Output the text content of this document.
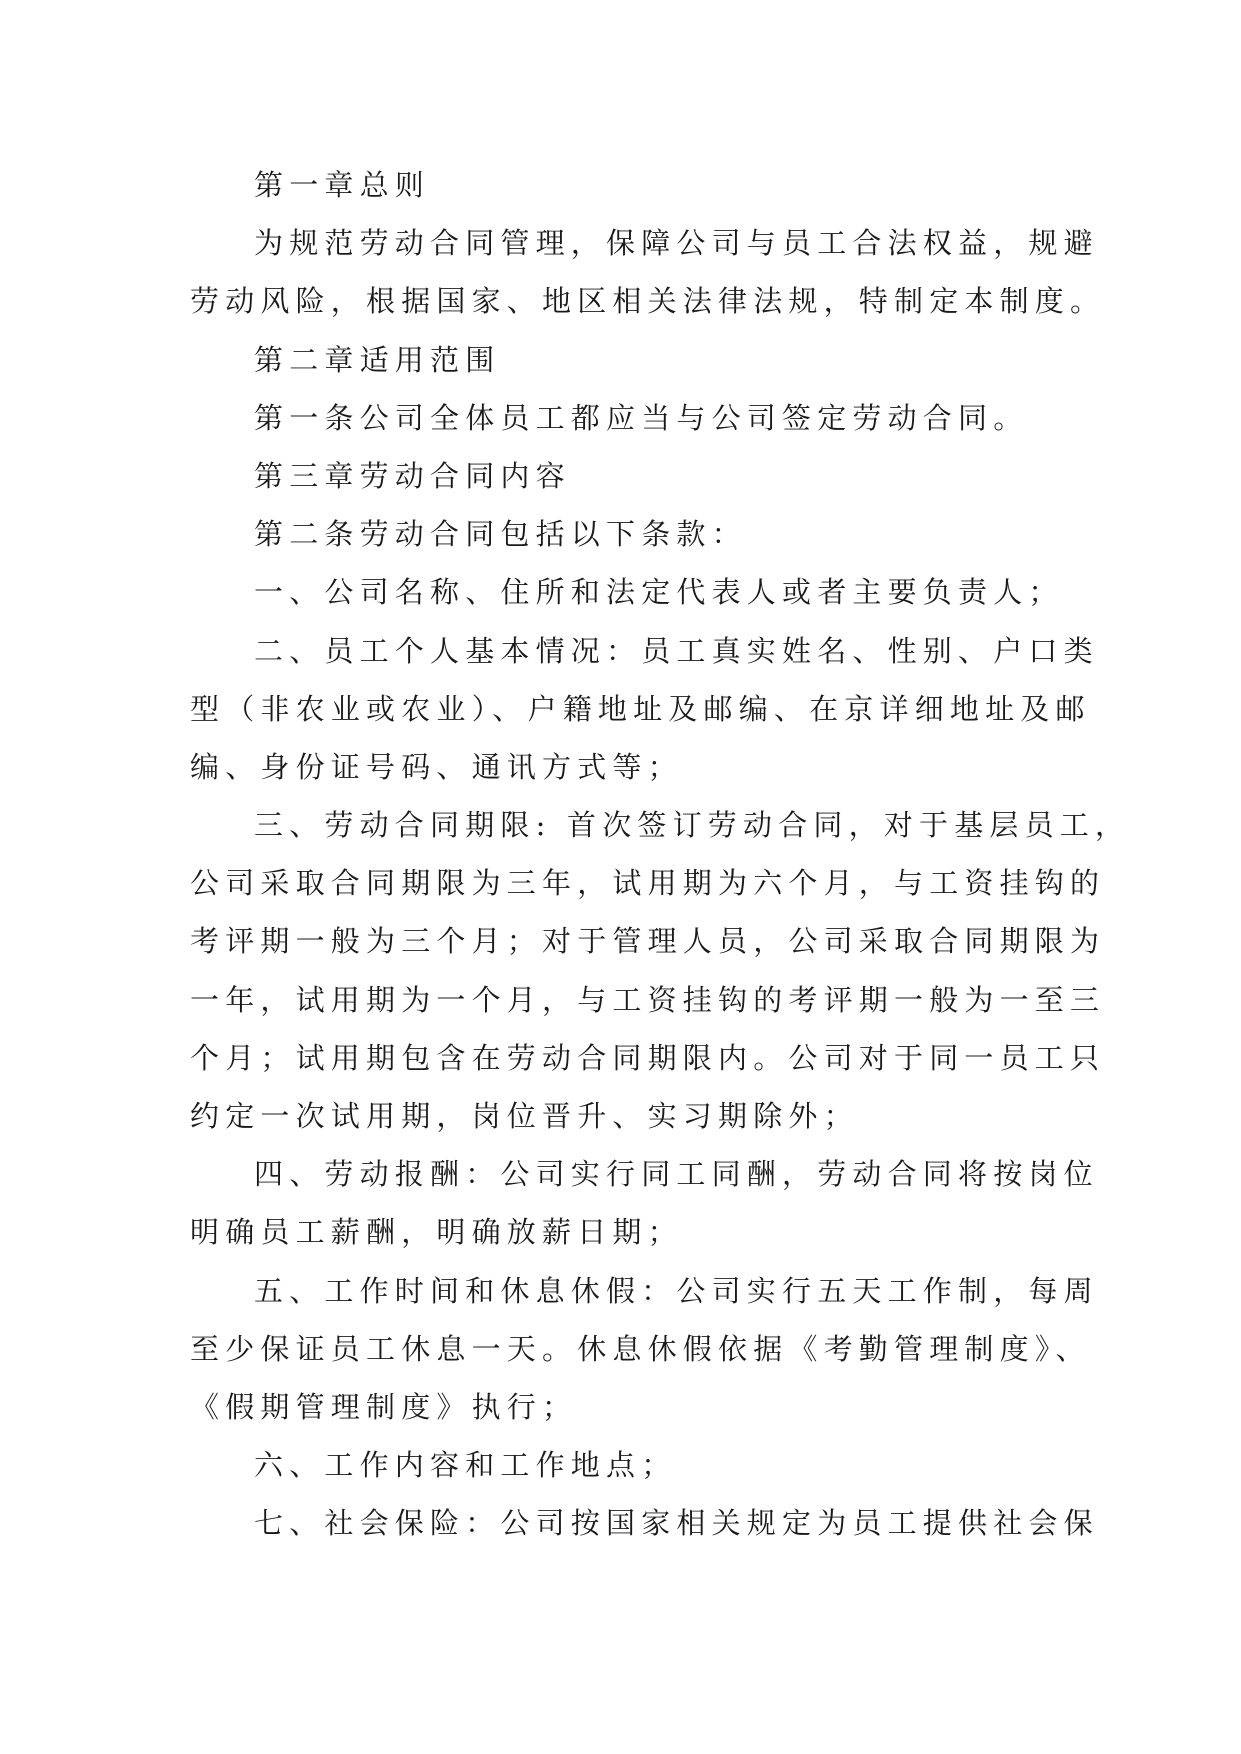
第一章总则
为规范劳动合同管理，保障公司与员工合法权益，规避
劳动风险，根据国家、地区相关法律法规，特制定本制度。
第二章适用范围
第一条公司全体员工都应当与公司签定劳动合同。
第三章劳动合同内容
第二条劳动合同包括以下条款：
一、公司名称、住所和法定代表人或者主要负责人；
二、员工个人基本情况：员工真实姓名、性别、户口类
型（非农业或农业）、户籍地址及邮编、在京详细地址及邮
编、身份证号码、通讯方式等；
三、劳动合同期限: 首次签订劳动合同，对于基层员工，
公司采取合同期限为三年，试用期为六个月，与工资挂钩的
考评期一般为三个月；对于管理人员，公司采取合同期限为
一年，试用期为一个月，与工资挂钩的考评期一般为一至三
个月；试用期包含在劳动合同期限内。公司对于同一员工只
约定一次试用期，岗位晋升、实习期除外；
四、劳动报酬：公司实行同工同酬，劳动合同将按岗位
明确员工薪酬，明确放薪日期；
五、工作时间和休息休假：公司实行五天工作制，每周
至少保证员工休息一天。休息休假依据《考勤管理制度》、
《假期管理制度》执行；
六、工作内容和工作地点；
七、社会保险：公司按国家相关规定为员工提供社会保
